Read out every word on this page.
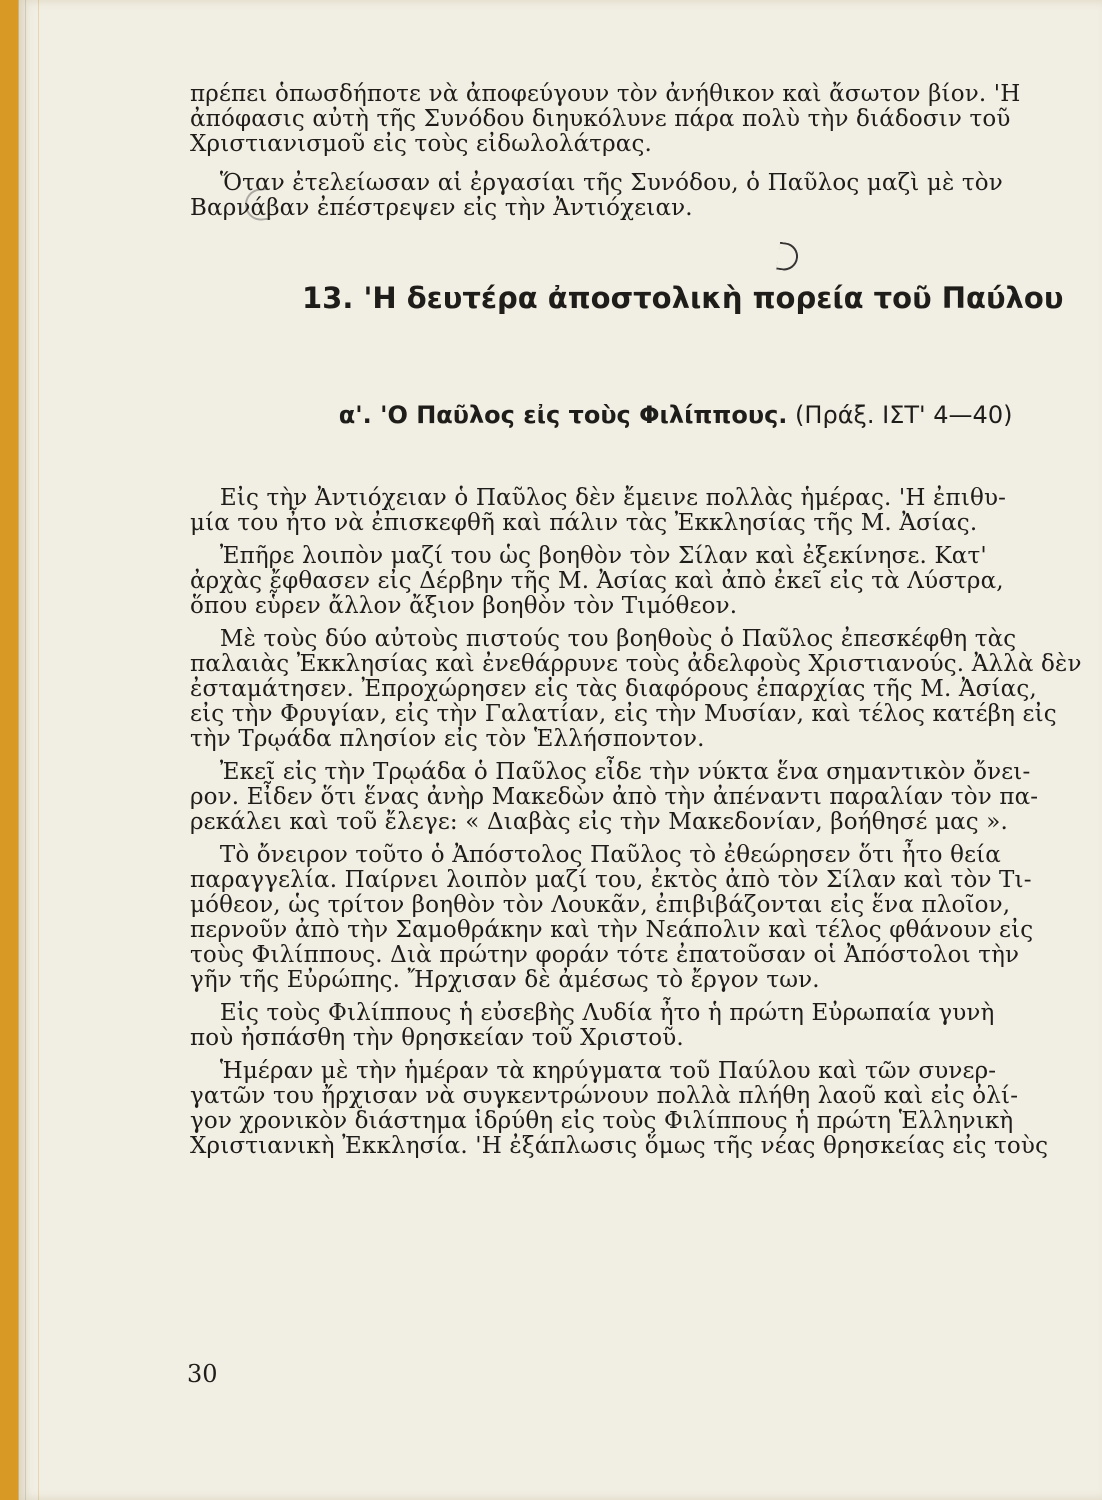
πρέπει ὁπωσδήποτε νὰ ἀποφεύγουν τὸν ἀνήθικον καὶ ἄσωτον βίον. 'Η
ἀπόφασις αὐτὴ τῆς Συνόδου διηυκόλυνε πάρα πολὺ τὴν διάδοσιν τοῦ
Χριστιανισμοῦ εἰς τοὺς εἰδωλολάτρας.

Ὅταν ἐτελείωσαν αἱ ἐργασίαι τῆς Συνόδου, ὁ Παῦλος μαζὶ μὲ τὸν
Βαρνάβαν ἐπέστρεψεν εἰς τὴν Ἀντιόχειαν.

13. 'Η δευτέρα ἀποστολικὴ πορεία τοῦ Παύλου

α'. 'Ο Παῦλος εἰς τοὺς Φιλίππους. (Πράξ. ΙΣΤ' 4—40)

Εἰς τὴν Ἀντιόχειαν ὁ Παῦλος δὲν ἔμεινε πολλὰς ἡμέρας. 'Η ἐπιθυ-
μία του ἦτο νὰ ἐπισκεφθῆ καὶ πάλιν τὰς Ἐκκλησίας τῆς Μ. Ἀσίας.

Ἐπῆρε λοιπὸν μαζί του ὡς βοηθὸν τὸν Σίλαν καὶ ἐξεκίνησε. Κατ'
ἀρχὰς ἔφθασεν εἰς Δέρβην τῆς Μ. Ἀσίας καὶ ἀπὸ ἐκεῖ εἰς τὰ Λύστρα,
ὅπου εὗρεν ἄλλον ἄξιον βοηθὸν τὸν Τιμόθεον.

Μὲ τοὺς δύο αὐτοὺς πιστούς του βοηθοὺς ὁ Παῦλος ἐπεσκέφθη τὰς
παλαιὰς Ἐκκλησίας καὶ ἐνεθάρρυνε τοὺς ἀδελφοὺς Χριστιανούς. Ἀλλὰ δὲν
ἐσταμάτησεν. Ἐπροχώρησεν εἰς τὰς διαφόρους ἐπαρχίας τῆς Μ. Ἀσίας,
εἰς τὴν Φρυγίαν, εἰς τὴν Γαλατίαν, εἰς τὴν Μυσίαν, καὶ τέλος κατέβη εἰς
τὴν Τρῳάδα πλησίον εἰς τὸν Ἑλλήσποντον.

Ἐκεῖ εἰς τὴν Τρῳάδα ὁ Παῦλος εἶδε τὴν νύκτα ἕνα σημαντικὸν ὄνει-
ρον. Εἶδεν ὅτι ἕνας ἀνὴρ Μακεδὼν ἀπὸ τὴν ἀπέναντι παραλίαν τὸν πα-
ρεκάλει καὶ τοῦ ἔλεγε: « Διαβὰς εἰς τὴν Μακεδονίαν, βοήθησέ μας ».

Τὸ ὄνειρον τοῦτο ὁ Ἀπόστολος Παῦλος τὸ ἐθεώρησεν ὅτι ἦτο θεία
παραγγελία. Παίρνει λοιπὸν μαζί του, ἐκτὸς ἀπὸ τὸν Σίλαν καὶ τὸν Τι-
μόθεον, ὡς τρίτον βοηθὸν τὸν Λουκᾶν, ἐπιβιβάζονται εἰς ἕνα πλοῖον,
περνοῦν ἀπὸ τὴν Σαμοθράκην καὶ τὴν Νεάπολιν καὶ τέλος φθάνουν εἰς
τοὺς Φιλίππους. Διὰ πρώτην φοράν τότε ἐπατοῦσαν οἱ Ἀπόστολοι τὴν
γῆν τῆς Εὐρώπης. Ἤρχισαν δὲ ἀμέσως τὸ ἔργον των.

Εἰς τοὺς Φιλίππους ἡ εὐσεβὴς Λυδία ἦτο ἡ πρώτη Εὐρωπαία γυνὴ
ποὺ ἠσπάσθη τὴν θρησκείαν τοῦ Χριστοῦ.

Ἡμέραν μὲ τὴν ἡμέραν τὰ κηρύγματα τοῦ Παύλου καὶ τῶν συνερ-
γατῶν του ἤρχισαν νὰ συγκεντρώνουν πολλὰ πλήθη λαοῦ καὶ εἰς ὀλί-
γον χρονικὸν διάστημα ἱδρύθη εἰς τοὺς Φιλίππους ἡ πρώτη Ἑλληνικὴ
Χριστιανικὴ Ἐκκλησία. 'Η ἐξάπλωσις ὅμως τῆς νέας θρησκείας εἰς τοὺς

30
